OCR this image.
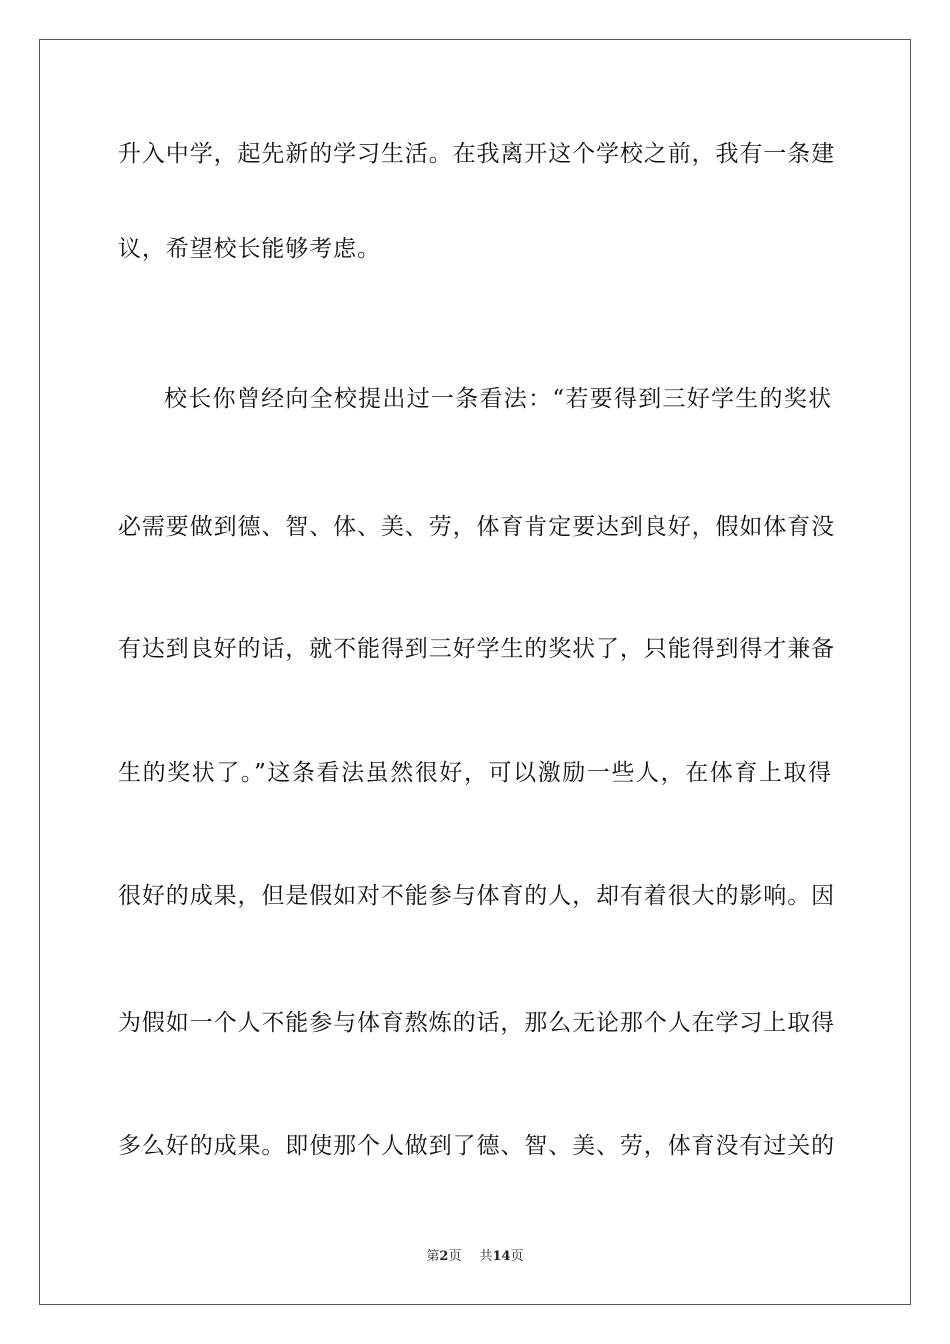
升入中学，起先新的学习生活。在我离开这个学校之前，我有一条建
议，希望校长能够考虑。
校长你曾经向全校提出过一条看法：“若要得到三好学生的奖状
必需要做到德、智、体、美、劳，体育肯定要达到良好，假如体育没
有达到良好的话，就不能得到三好学生的奖状了，只能得到得才兼备
生的奖状了。”这条看法虽然很好，可以激励一些人，在体育上取得
很好的成果，但是假如对不能参与体育的人，却有着很大的影响。因
为假如一个人不能参与体育熬炼的话，那么无论那个人在学习上取得
多么好的成果。即使那个人做到了德、智、美、劳，体育没有过关的
第2页 共14页
